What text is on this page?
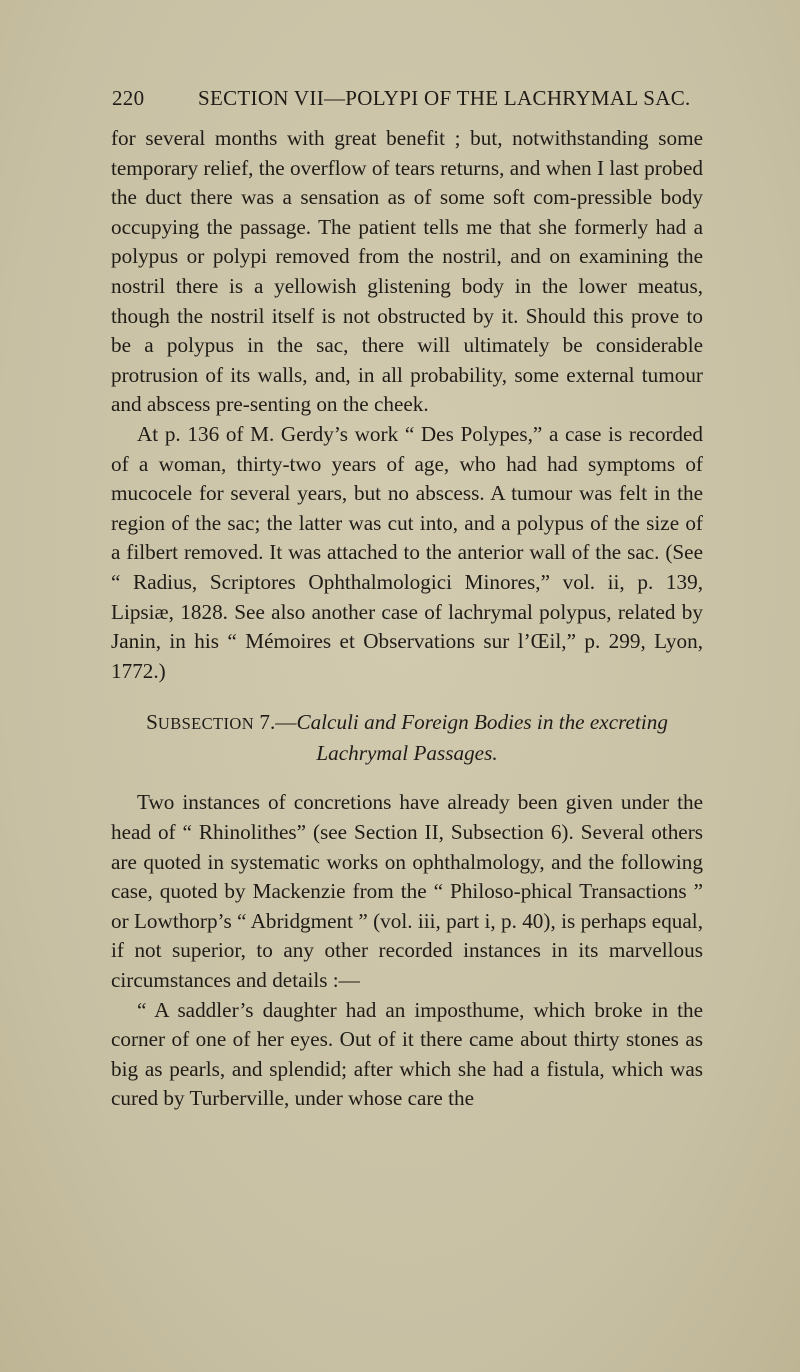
220	SECTION VII—POLYPI OF THE LACHRYMAL SAC.

for several months with great benefit ; but, notwithstanding some temporary relief, the overflow of tears returns, and when I last probed the duct there was a sensation as of some soft com-pressible body occupying the passage. The patient tells me that she formerly had a polypus or polypi removed from the nostril, and on examining the nostril there is a yellowish glistening body in the lower meatus, though the nostril itself is not obstructed by it. Should this prove to be a polypus in the sac, there will ultimately be considerable protrusion of its walls, and, in all probability, some external tumour and abscess pre-senting on the cheek.

At p. 136 of M. Gerdy’s work “ Des Polypes,” a case is recorded of a woman, thirty-two years of age, who had had symptoms of mucocele for several years, but no abscess. A tumour was felt in the region of the sac; the latter was cut into, and a polypus of the size of a filbert removed. It was attached to the anterior wall of the sac. (See “ Radius, Scriptores Ophthalmologici Minores,” vol. ii, p. 139, Lipsiæ, 1828. See also another case of lachrymal polypus, related by Janin, in his “ Mémoires et Observations sur l’Œil,” p. 299, Lyon, 1772.)

SUBSECTION 7.—Calculi and Foreign Bodies in the excreting Lachrymal Passages.

Two instances of concretions have already been given under the head of “ Rhinolithes” (see Section II, Subsection 6). Several others are quoted in systematic works on ophthalmology, and the following case, quoted by Mackenzie from the “ Philoso-phical Transactions ” or Lowthorp’s “ Abridgment ” (vol. iii, part i, p. 40), is perhaps equal, if not superior, to any other recorded instances in its marvellous circumstances and details :—

“ A saddler’s daughter had an imposthume, which broke in the corner of one of her eyes. Out of it there came about thirty stones as big as pearls, and splendid; after which she had a fistula, which was cured by Turberville, under whose care the
